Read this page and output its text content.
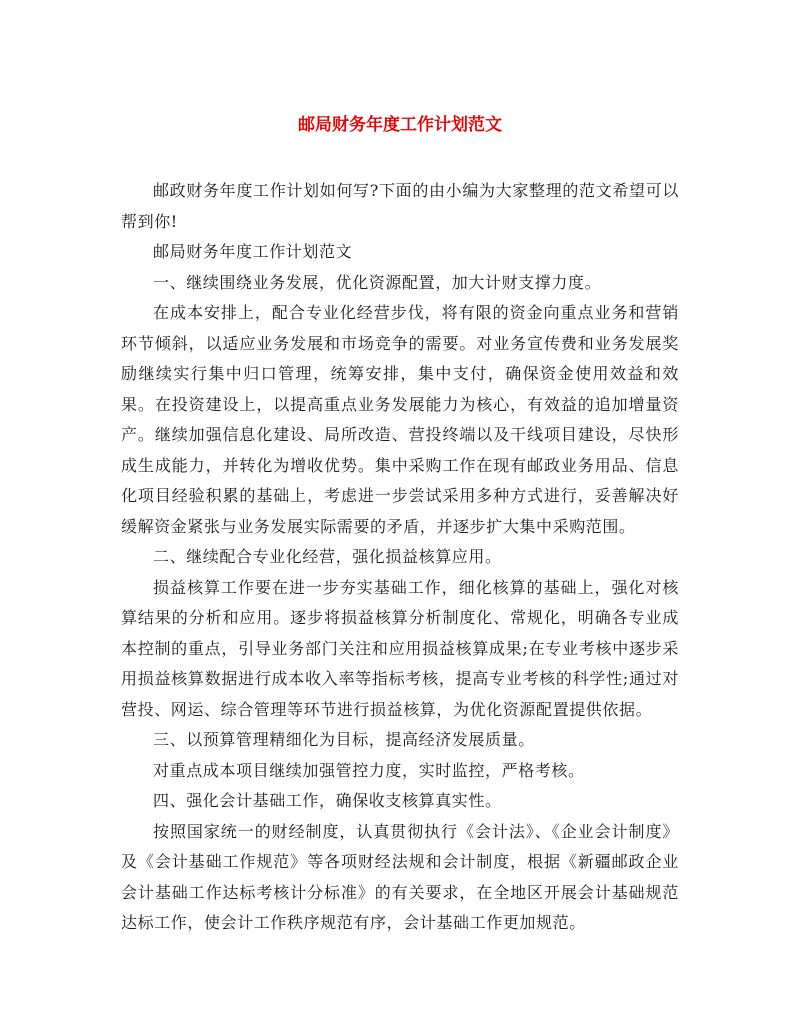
邮局财务年度工作计划范文

邮政财务年度工作计划如何写?下面的由小编为大家整理的范文希望可以帮到你!

邮局财务年度工作计划范文

一、继续围绕业务发展，优化资源配置，加大计财支撑力度。

在成本安排上，配合专业化经营步伐，将有限的资金向重点业务和营销环节倾斜，以适应业务发展和市场竞争的需要。对业务宣传费和业务发展奖励继续实行集中归口管理，统筹安排，集中支付，确保资金使用效益和效果。在投资建设上，以提高重点业务发展能力为核心，有效益的追加增量资产。继续加强信息化建设、局所改造、营投终端以及干线项目建设，尽快形成生成能力，并转化为增收优势。集中采购工作在现有邮政业务用品、信息化项目经验积累的基础上，考虑进一步尝试采用多种方式进行，妥善解决好缓解资金紧张与业务发展实际需要的矛盾，并逐步扩大集中采购范围。

二、继续配合专业化经营，强化损益核算应用。

损益核算工作要在进一步夯实基础工作，细化核算的基础上，强化对核算结果的分析和应用。逐步将损益核算分析制度化、常规化，明确各专业成本控制的重点，引导业务部门关注和应用损益核算成果;在专业考核中逐步采用损益核算数据进行成本收入率等指标考核，提高专业考核的科学性;通过对营投、网运、综合管理等环节进行损益核算，为优化资源配置提供依据。

三、以预算管理精细化为目标，提高经济发展质量。

对重点成本项目继续加强管控力度，实时监控，严格考核。

四、强化会计基础工作，确保收支核算真实性。

按照国家统一的财经制度，认真贯彻执行《会计法》、《企业会计制度》及《会计基础工作规范》等各项财经法规和会计制度，根据《新疆邮政企业会计基础工作达标考核计分标准》的有关要求，在全地区开展会计基础规范达标工作，使会计工作秩序规范有序，会计基础工作更加规范。
